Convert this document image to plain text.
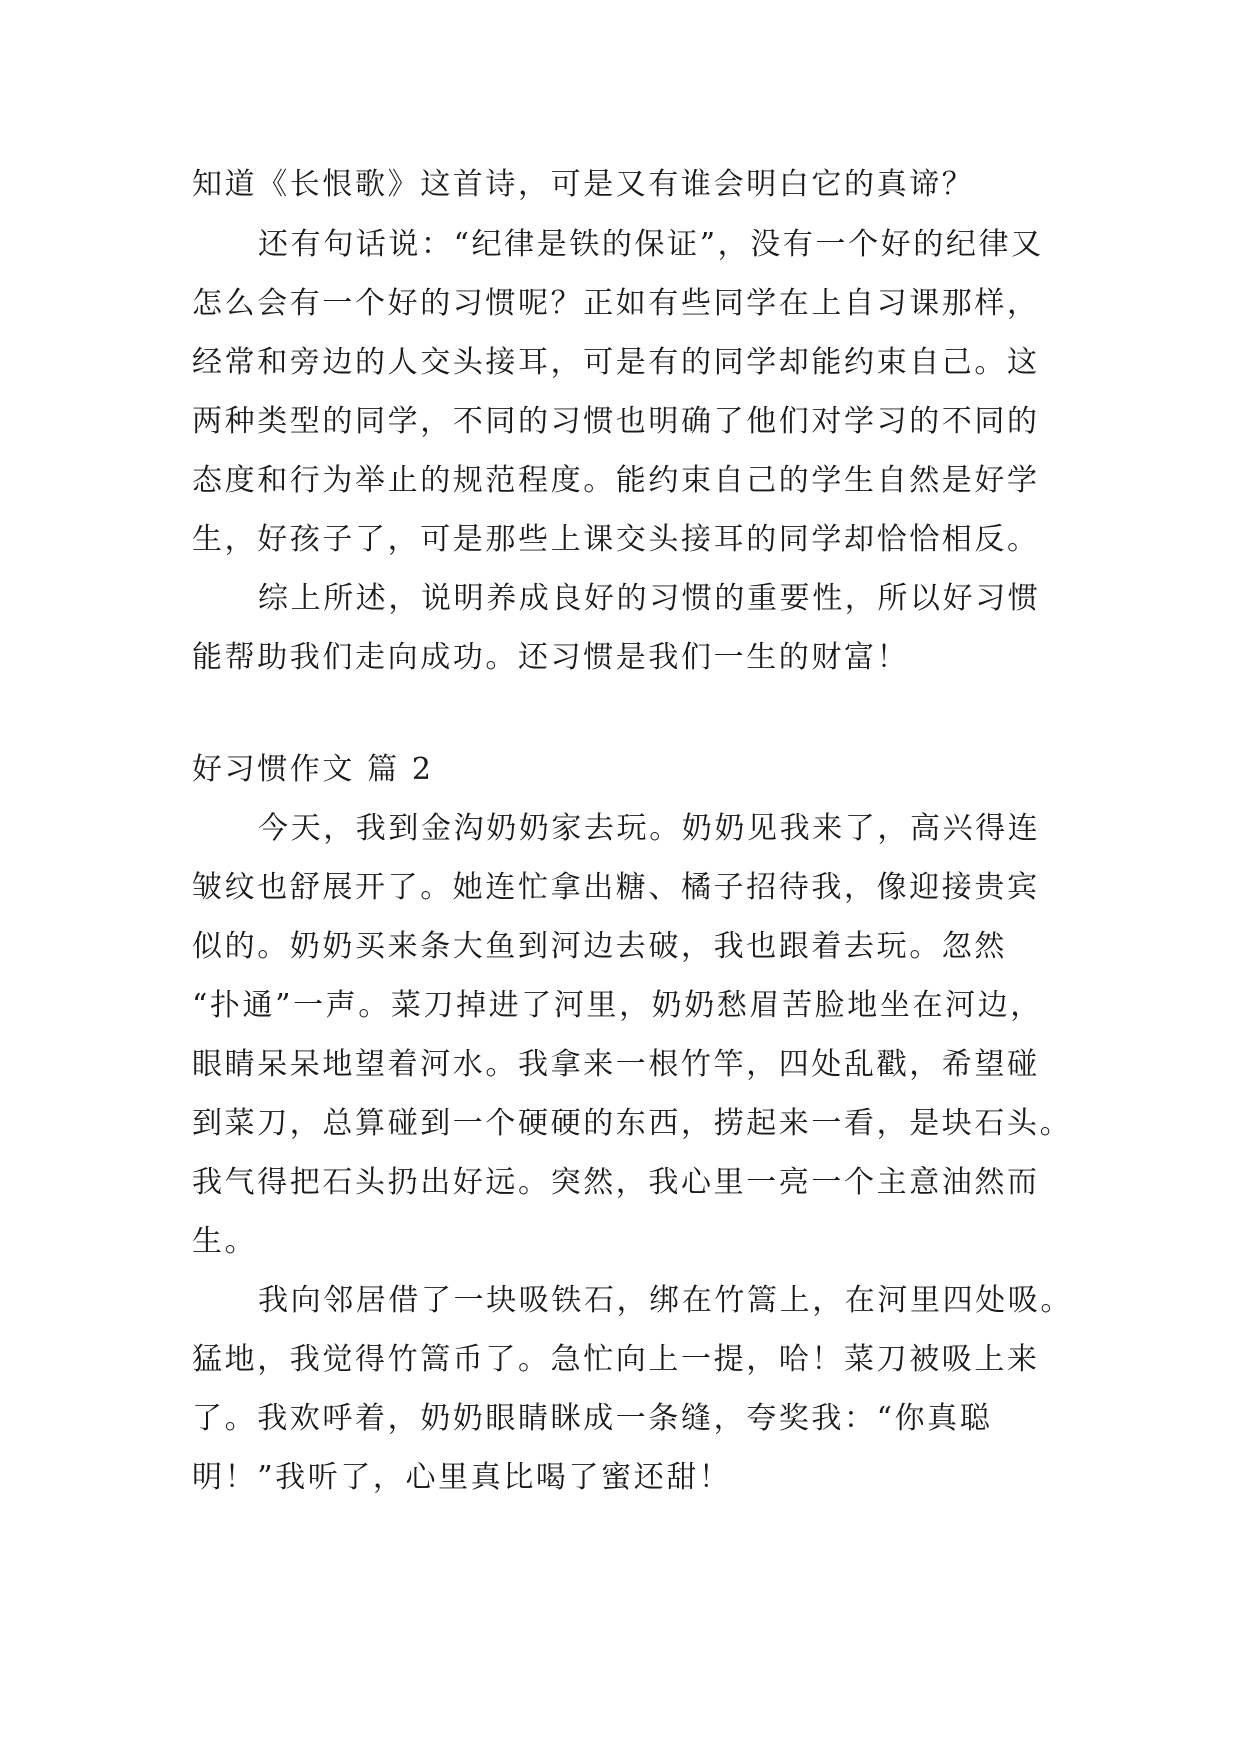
知道《长恨歌》这首诗，可是又有谁会明白它的真谛？
还有句话说：“纪律是铁的保证”，没有一个好的纪律又
怎么会有一个好的习惯呢？正如有些同学在上自习课那样，
经常和旁边的人交头接耳，可是有的同学却能约束自己。这
两种类型的同学，不同的习惯也明确了他们对学习的不同的
态度和行为举止的规范程度。能约束自己的学生自然是好学
生，好孩子了，可是那些上课交头接耳的同学却恰恰相反。
综上所述，说明养成良好的习惯的重要性，所以好习惯
能帮助我们走向成功。还习惯是我们一生的财富！
好习惯作文 篇 2
今天，我到金沟奶奶家去玩。奶奶见我来了，高兴得连
皱纹也舒展开了。她连忙拿出糖、橘子招待我，像迎接贵宾
似的。奶奶买来条大鱼到河边去破，我也跟着去玩。忽然
“扑通”一声。菜刀掉进了河里，奶奶愁眉苦脸地坐在河边，
眼睛呆呆地望着河水。我拿来一根竹竿，四处乱戳，希望碰
到菜刀，总算碰到一个硬硬的东西，捞起来一看，是块石头。
我气得把石头扔出好远。突然，我心里一亮一个主意油然而
生。
我向邻居借了一块吸铁石，绑在竹篙上，在河里四处吸。
猛地，我觉得竹篙币了。急忙向上一提，哈！菜刀被吸上来
了。我欢呼着，奶奶眼睛眯成一条缝，夸奖我：“你真聪
明！”我听了，心里真比喝了蜜还甜！
